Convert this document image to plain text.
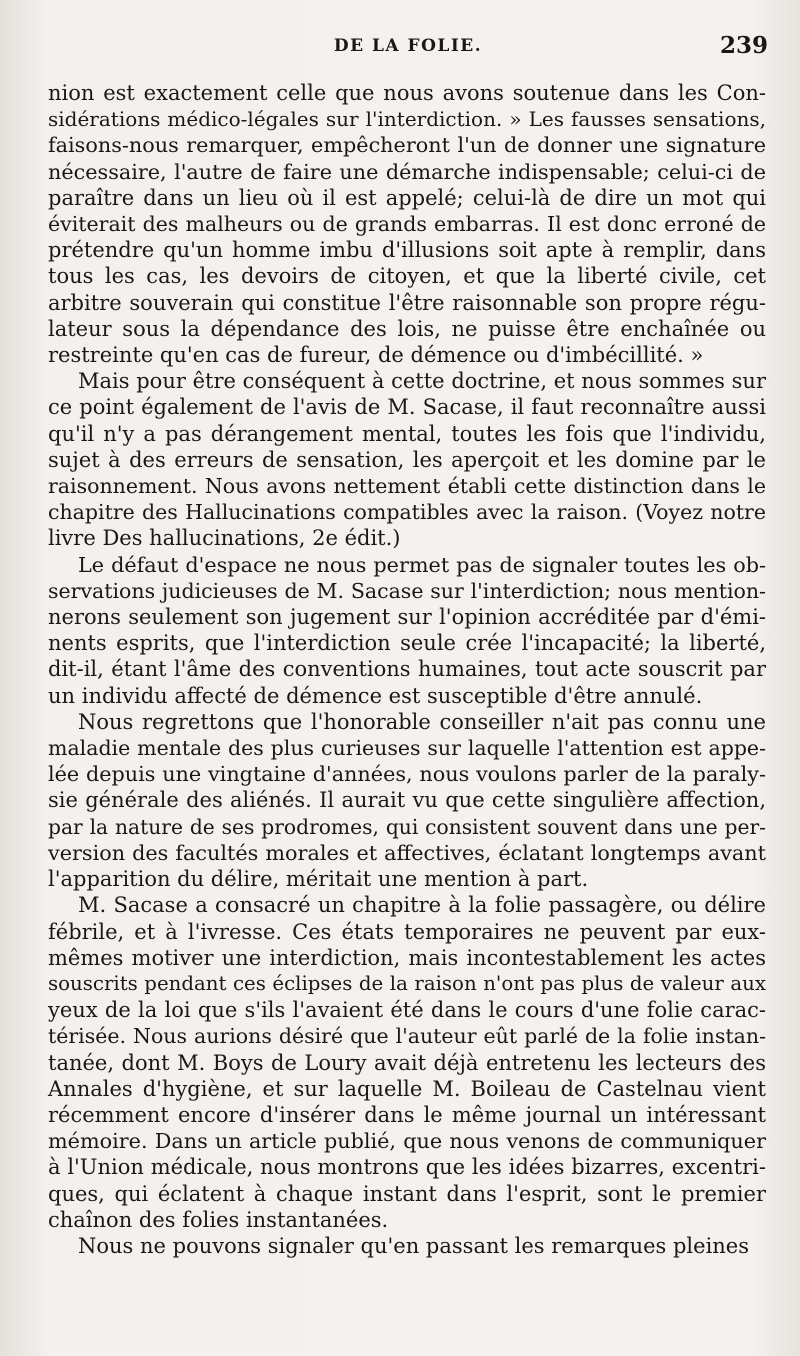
DE LA FOLIE.	239

nion est exactement celle que nous avons soutenue dans les Con-
sidérations médico-légales sur l'interdiction. » Les fausses sensations,
faisons-nous remarquer, empêcheront l'un de donner une signature
nécessaire, l'autre de faire une démarche indispensable; celui-ci de
paraître dans un lieu où il est appelé; celui-là de dire un mot qui
éviterait des malheurs ou de grands embarras. Il est donc erroné de
prétendre qu'un homme imbu d'illusions soit apte à remplir, dans
tous les cas, les devoirs de citoyen, et que la liberté civile, cet
arbitre souverain qui constitue l'être raisonnable son propre régu-
lateur sous la dépendance des lois, ne puisse être enchaînée ou
restreinte qu'en cas de fureur, de démence ou d'imbécillité. »

Mais pour être conséquent à cette doctrine, et nous sommes sur
ce point également de l'avis de M. Sacase, il faut reconnaître aussi
qu'il n'y a pas dérangement mental, toutes les fois que l'individu,
sujet à des erreurs de sensation, les aperçoit et les domine par le
raisonnement. Nous avons nettement établi cette distinction dans le
chapitre des Hallucinations compatibles avec la raison. (Voyez notre
livre Des hallucinations, 2e édit.)

Le défaut d'espace ne nous permet pas de signaler toutes les ob-
servations judicieuses de M. Sacase sur l'interdiction; nous mention-
nerons seulement son jugement sur l'opinion accréditée par d'émi-
nents esprits, que l'interdiction seule crée l'incapacité; la liberté,
dit-il, étant l'âme des conventions humaines, tout acte souscrit par
un individu affecté de démence est susceptible d'être annulé.

Nous regrettons que l'honorable conseiller n'ait pas connu une
maladie mentale des plus curieuses sur laquelle l'attention est appe-
lée depuis une vingtaine d'années, nous voulons parler de la paraly-
sie générale des aliénés. Il aurait vu que cette singulière affection,
par la nature de ses prodromes, qui consistent souvent dans une per-
version des facultés morales et affectives, éclatant longtemps avant
l'apparition du délire, méritait une mention à part.

M. Sacase a consacré un chapitre à la folie passagère, ou délire
fébrile, et à l'ivresse. Ces états temporaires ne peuvent par eux-
mêmes motiver une interdiction, mais incontestablement les actes
souscrits pendant ces éclipses de la raison n'ont pas plus de valeur aux
yeux de la loi que s'ils l'avaient été dans le cours d'une folie carac-
térisée. Nous aurions désiré que l'auteur eût parlé de la folie instan-
tanée, dont M. Boys de Loury avait déjà entretenu les lecteurs des
Annales d'hygiène, et sur laquelle M. Boileau de Castelnau vient
récemment encore d'insérer dans le même journal un intéressant
mémoire. Dans un article publié, que nous venons de communiquer
à l'Union médicale, nous montrons que les idées bizarres, excentri-
ques, qui éclatent à chaque instant dans l'esprit, sont le premier
chaînon des folies instantanées.

Nous ne pouvons signaler qu'en passant les remarques pleines
